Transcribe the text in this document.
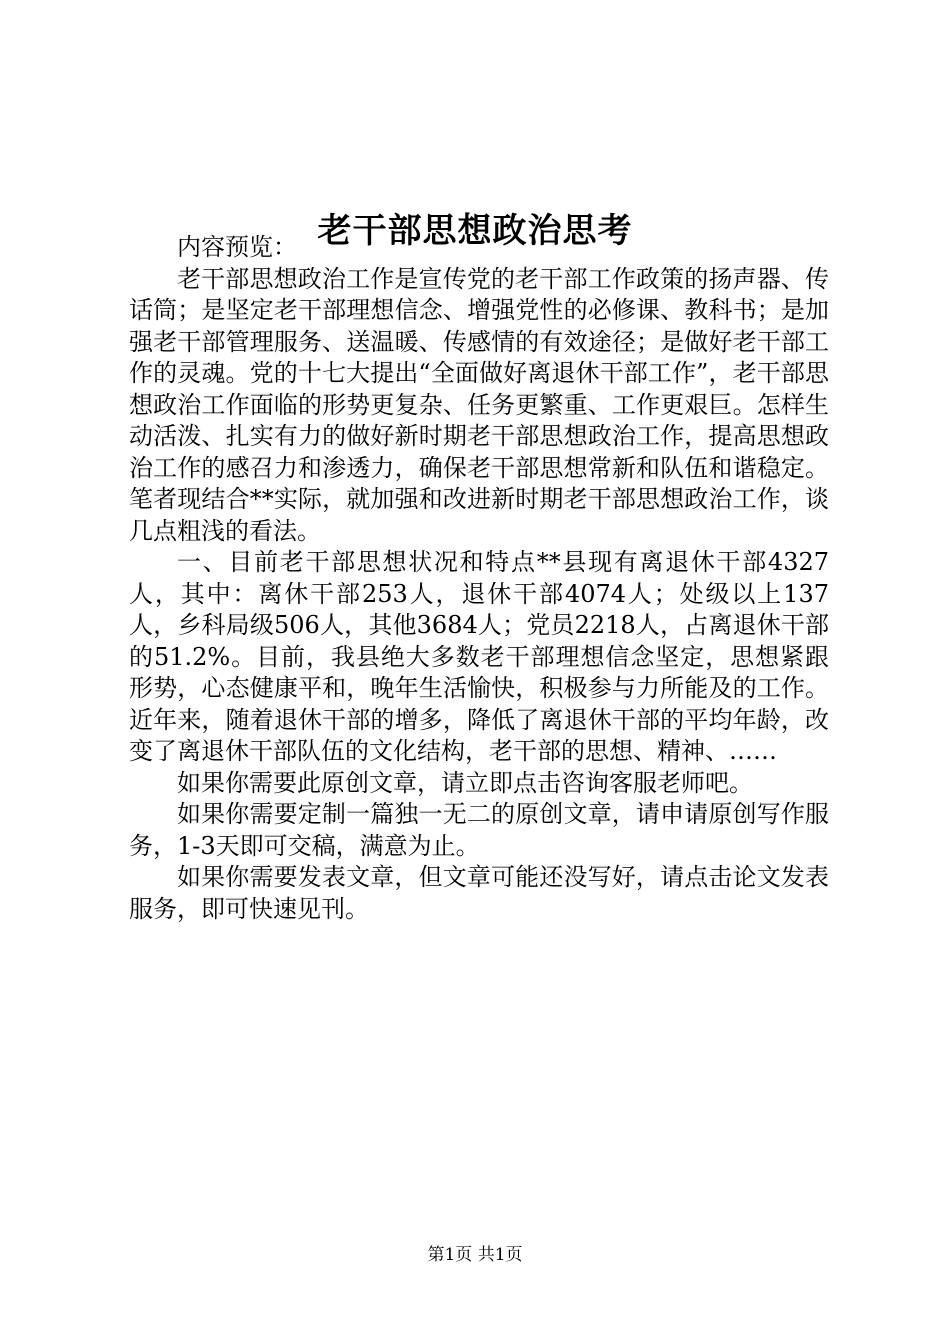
老干部思想政治思考

内容预览：

老干部思想政治工作是宣传党的老干部工作政策的扬声器、传话筒；是坚定老干部理想信念、增强党性的必修课、教科书；是加强老干部管理服务、送温暖、传感情的有效途径；是做好老干部工作的灵魂。党的十七大提出“全面做好离退休干部工作”，老干部思想政治工作面临的形势更复杂、任务更繁重、工作更艰巨。怎样生动活泼、扎实有力的做好新时期老干部思想政治工作，提高思想政治工作的感召力和渗透力，确保老干部思想常新和队伍和谐稳定。笔者现结合**实际，就加强和改进新时期老干部思想政治工作，谈几点粗浅的看法。

一、目前老干部思想状况和特点**县现有离退休干部4327人，其中：离休干部253人，退休干部4074人；处级以上137人，乡科局级506人，其他3684人；党员2218人，占离退休干部的51.2%。目前，我县绝大多数老干部理想信念坚定，思想紧跟形势，心态健康平和，晚年生活愉快，积极参与力所能及的工作。近年来，随着退休干部的增多，降低了离退休干部的平均年龄，改变了离退休干部队伍的文化结构，老干部的思想、精神、……

如果你需要此原创文章，请立即点击咨询客服老师吧。

如果你需要定制一篇独一无二的原创文章，请申请原创写作服务，1-3天即可交稿，满意为止。

如果你需要发表文章，但文章可能还没写好，请点击论文发表服务，即可快速见刊。

第1页 共1页
